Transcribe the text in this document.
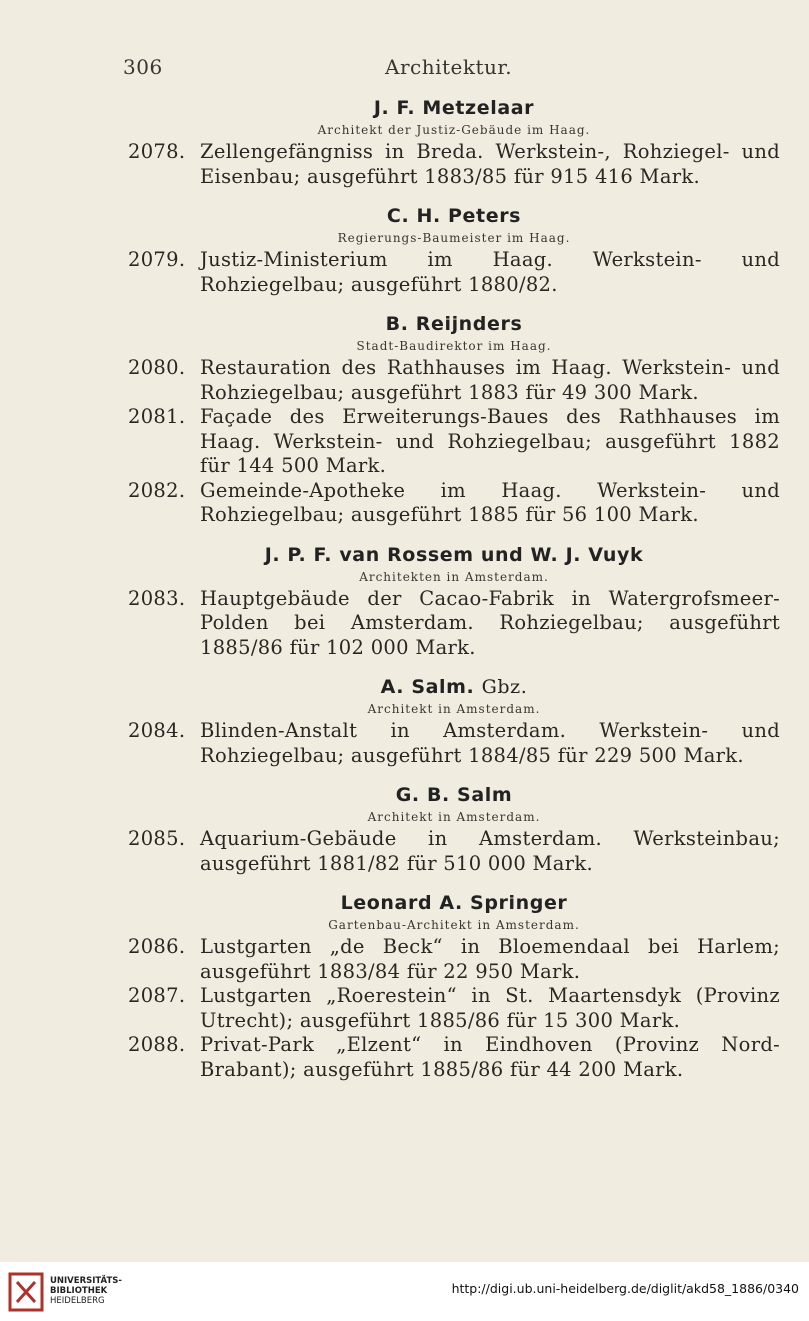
306	Architektur.
J. F. Metzelaar
Architekt der Justiz-Gebäude im Haag.
2078. Zellengefängniss in Breda. Werkstein-, Rohziegel- und Eisenbau; ausgeführt 1883/85 für 915 416 Mark.
C. H. Peters
Regierungs-Baumeister im Haag.
2079. Justiz-Ministerium im Haag. Werkstein- und Rohziegelbau; ausgeführt 1880/82.
B. Reijnders
Stadt-Baudirektor im Haag.
2080. Restauration des Rathhauses im Haag. Werkstein- und Rohziegelbau; ausgeführt 1883 für 49 300 Mark.
2081. Façade des Erweiterungs-Baues des Rathhauses im Haag. Werkstein- und Rohziegelbau; ausgeführt 1882 für 144 500 Mark.
2082. Gemeinde-Apotheke im Haag. Werkstein- und Rohziegelbau; ausgeführt 1885 für 56 100 Mark.
J. P. F. van Rossem und W. J. Vuyk
Architekten in Amsterdam.
2083. Hauptgebäude der Cacao-Fabrik in Watergrofsmeer-Polden bei Amsterdam. Rohziegelbau; ausgeführt 1885/86 für 102 000 Mark.
A. Salm. Gbz.
Architekt in Amsterdam.
2084. Blinden-Anstalt in Amsterdam. Werkstein- und Rohziegelbau; ausgeführt 1884/85 für 229 500 Mark.
G. B. Salm
Architekt in Amsterdam.
2085. Aquarium-Gebäude in Amsterdam. Werksteinbau; ausgeführt 1881/82 für 510 000 Mark.
Leonard A. Springer
Gartenbau-Architekt in Amsterdam.
2086. Lustgarten „de Beck“ in Bloemendaal bei Harlem; ausgeführt 1883/84 für 22 950 Mark.
2087. Lustgarten „Roerestein“ in St. Maartensdyk (Provinz Utrecht); ausgeführt 1885/86 für 15 300 Mark.
2088. Privat-Park „Elzent“ in Eindhoven (Provinz Nord-Brabant); ausgeführt 1885/86 für 44 200 Mark.
UNIVERSITÄTS-
BIBLIOTHEK
HEIDELBERG
http://digi.ub.uni-heidelberg.de/diglit/akd58_1886/0340
